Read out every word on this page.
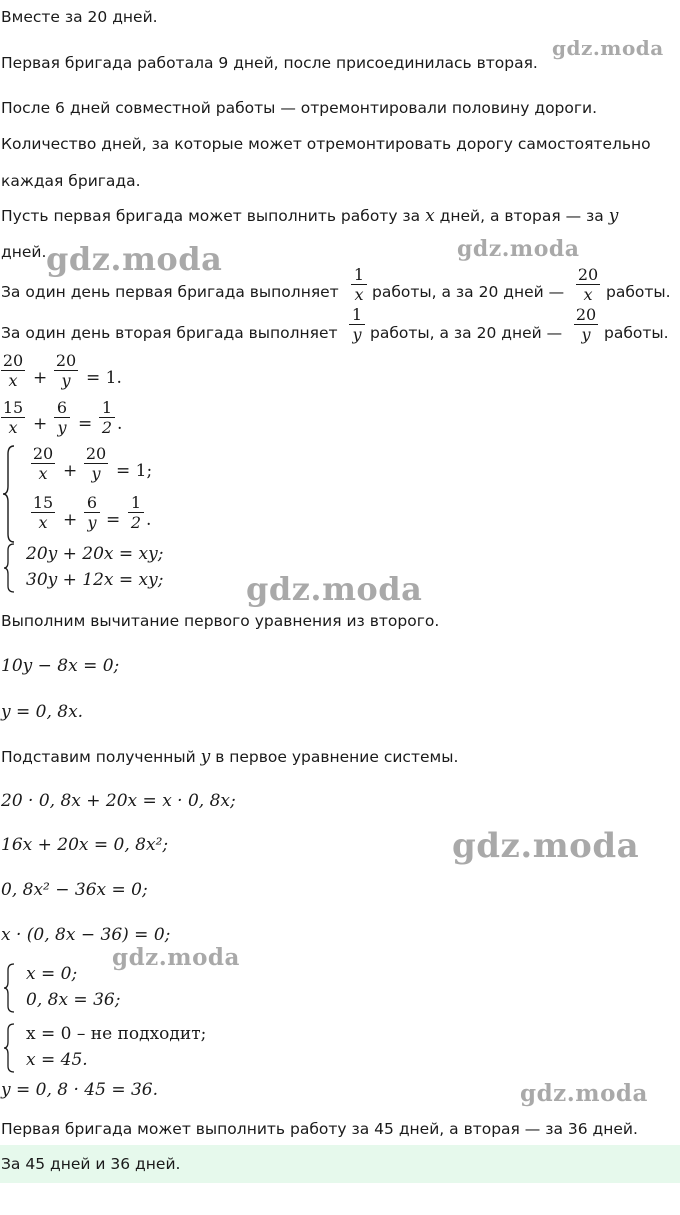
gdz.moda
gdz.moda	gdz.moda
gdz.moda
gdz.moda
gdz.moda
gdz.moda
Вместе за 20 дней.
Первая бригада работала 9 дней, после присоединилась вторая.
После 6 дней совместной работы — отремонтировали половину дороги.
Количество дней, за которые может отремонтировать дорогу самостоятельно
каждая бригада.
Пусть первая бригада может выполнить работу за x дней, а вторая — за y
дней.
За один день первая бригада выполняет
1
x работы, а за 20 дней —
20
x работы.
За один день вторая бригада выполняет
1
y работы, а за 20 дней —
20
y работы.
20
x +
20
y = 1.
15
x +
6
y =
1
2 .
20
x +
20
y = 1;
15
x +
6
y =
1
2 .
20y + 20x = xy;
30y + 12x = xy;
Выполним вычитание первого уравнения из второго.
10y − 8x = 0;
y = 0, 8x.
Подставим полученный y в первое уравнение системы.
20 · 0, 8x + 20x = x · 0, 8x;
16x + 20x = 0, 8x²;
0, 8x² − 36x = 0;
x · (0, 8x − 36) = 0;
x = 0;
0, 8x = 36;
x = 0 – не подходит;
x = 45.
y = 0, 8 · 45 = 36.
Первая бригада может выполнить работу за 45 дней, а вторая — за 36 дней.
За 45 дней и 36 дней.
